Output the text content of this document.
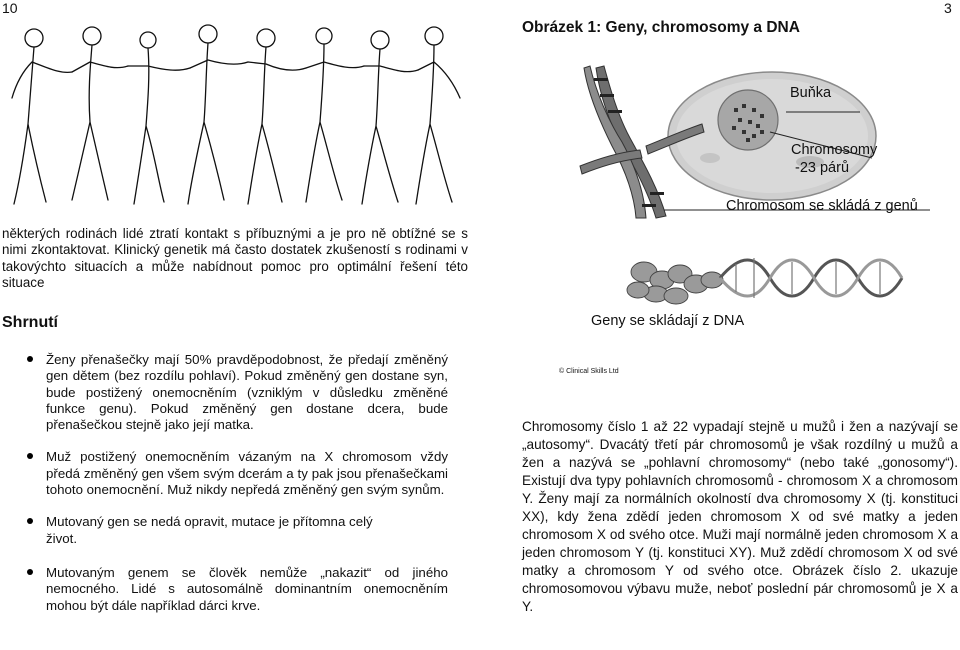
10	3
některých rodinách lidé ztratí kontakt s příbuznými a je pro ně obtížné se s nimi zkontaktovat. Klinický genetik má často dostatek zkušeností s rodinami v takovýchto situacích a může nabídnout pomoc pro optimální řešení této situace
Shrnutí
Ženy přenašečky mají 50% pravděpodobnost, že předají změněný gen dětem (bez rozdílu pohlaví). Pokud změněný gen dostane syn, bude postižený onemocněním (vzniklým v důsledku změněné funkce genu). Pokud změněný gen dostane dcera, bude přenašečkou stejně jako její matka.
Muž postižený onemocněním vázaným na X chromosom vždy předá změněný gen všem svým dcerám a ty pak jsou přenašečkami tohoto onemocnění. Muž nikdy nepředá změněný gen svým synům.
Mutovaný gen se nedá opravit, mutace je přítomna celý život.
Mutovaným genem se člověk nemůže „nakazit“ od jiného nemocného. Lidé s autosomálně dominantním onemocněním mohou být dále například dárci krve.
Obrázek 1: Geny, chromosomy a DNA
Buňka
Chromosomy
-23 párů
Chromosom se skládá z genů
Geny se skládají z DNA
© Clinical Skills Ltd
Chromosomy číslo 1 až 22 vypadají stejně u mužů i žen a nazývají se „autosomy“. Dvacátý třetí pár chromosomů je však rozdílný u mužů a žen a nazývá se „pohlavní chromosomy“ (nebo také „gonosomy“). Existují dva typy pohlavních chromosomů - chromosom X a chromosom Y. Ženy mají za normálních okolností dva chromosomy X (tj. konstituci XX), kdy žena zdědí jeden chromosom X od své matky a jeden chromosom X od svého otce. Muži mají normálně jeden chromosom X a jeden chromosom Y (tj. konstituci XY). Muž zdědí chromosom X od své matky a chromosom Y od svého otce. Obrázek číslo 2. ukazuje chromosomovou výbavu muže, neboť poslední pár chromosomů je X a Y.
